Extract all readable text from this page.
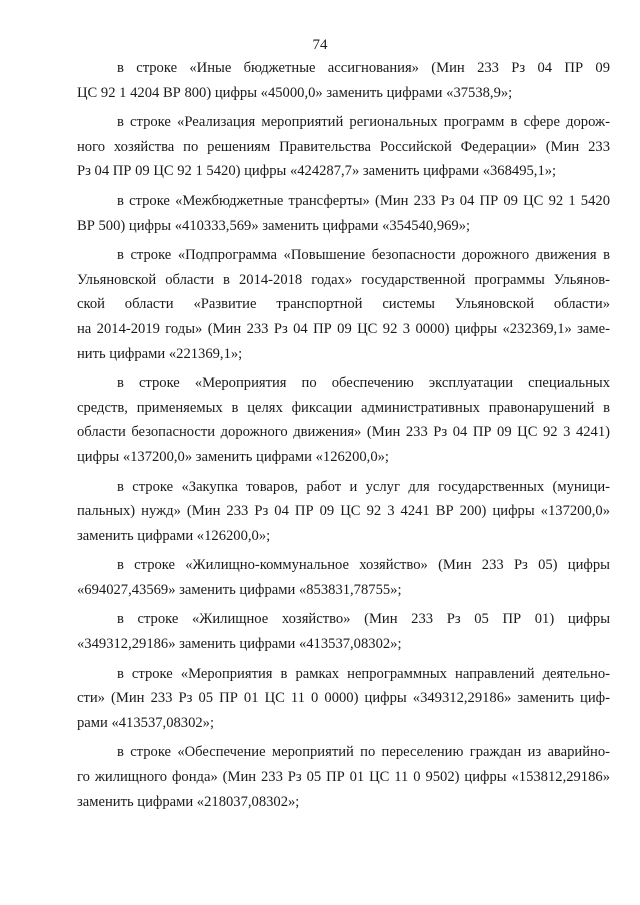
74
в строке «Иные бюджетные ассигнования» (Мин 233 Рз 04 ПР 09
ЦС 92 1 4204 ВР 800) цифры «45000,0» заменить цифрами «37538,9»;
в строке «Реализация мероприятий региональных программ в сфере дорож-
ного хозяйства по решениям Правительства Российской Федерации» (Мин 233
Рз 04 ПР 09 ЦС 92 1 5420) цифры «424287,7» заменить цифрами «368495,1»;
в строке «Межбюджетные трансферты» (Мин 233 Рз 04 ПР 09 ЦС 92 1 5420
ВР 500) цифры «410333,569» заменить цифрами «354540,969»;
в строке «Подпрограмма «Повышение безопасности дорожного движения в
Ульяновской области в 2014-2018 годах» государственной программы Ульянов-
ской области «Развитие транспортной системы Ульяновской области»
на 2014-2019 годы» (Мин 233 Рз 04 ПР 09 ЦС 92 3 0000) цифры «232369,1» заме-
нить цифрами «221369,1»;
в строке «Мероприятия по обеспечению эксплуатации специальных
средств, применяемых в целях фиксации административных правонарушений в
области безопасности дорожного движения» (Мин 233 Рз 04 ПР 09 ЦС 92 3 4241)
цифры «137200,0» заменить цифрами «126200,0»;
в строке «Закупка товаров, работ и услуг для государственных (муници-
пальных) нужд» (Мин 233 Рз 04 ПР 09 ЦС 92 3 4241 ВР 200) цифры «137200,0»
заменить цифрами «126200,0»;
в строке «Жилищно-коммунальное хозяйство» (Мин 233 Рз 05) цифры
«694027,43569» заменить цифрами «853831,78755»;
в строке «Жилищное хозяйство» (Мин 233 Рз 05 ПР 01) цифры
«349312,29186» заменить цифрами «413537,08302»;
в строке «Мероприятия в рамках непрограммных направлений деятельно-
сти» (Мин 233 Рз 05 ПР 01 ЦС 11 0 0000) цифры «349312,29186» заменить циф-
рами «413537,08302»;
в строке «Обеспечение мероприятий по переселению граждан из аварийно-
го жилищного фонда» (Мин 233 Рз 05 ПР 01 ЦС 11 0 9502) цифры «153812,29186»
заменить цифрами «218037,08302»;
